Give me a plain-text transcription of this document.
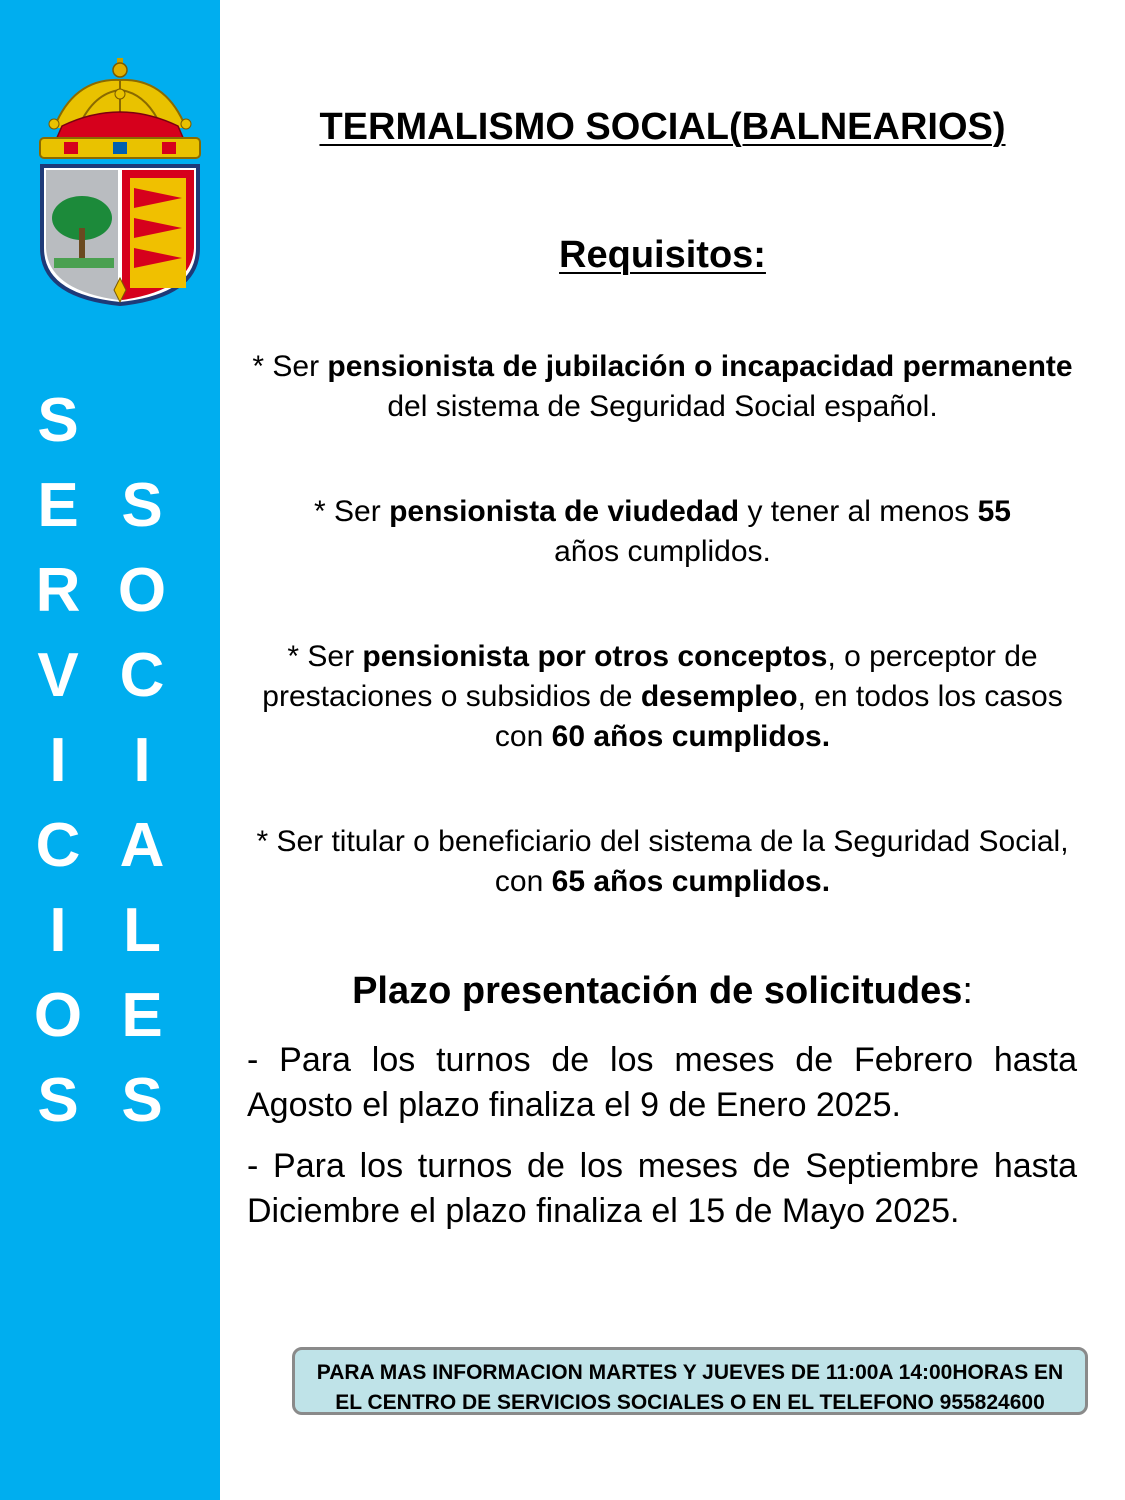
S
E
R
V
I
C
I
O
S
S
O
C
I
A
L
E
S
TERMALISMO SOCIAL(BALNEARIOS)
Requisitos:
* Ser pensionista de jubilación o incapacidad permanente del sistema de Seguridad Social español.
* Ser pensionista de viudedad y tener al menos 55
años cumplidos.
* Ser pensionista por otros conceptos, o perceptor de prestaciones o subsidios de desempleo, en todos los casos con 60 años cumplidos.
* Ser titular o beneficiario del sistema de la Seguridad Social, con 65 años cumplidos.
Plazo presentación de solicitudes:
- Para los turnos de los meses de Febrero hasta Agosto el plazo finaliza el 9 de Enero 2025.
- Para los turnos de los meses de Septiembre hasta Diciembre el plazo finaliza el 15 de Mayo 2025.
PARA MAS INFORMACION MARTES Y JUEVES DE 11:00A 14:00HORAS EN EL CENTRO DE SERVICIOS SOCIALES O EN EL TELEFONO 955824600
